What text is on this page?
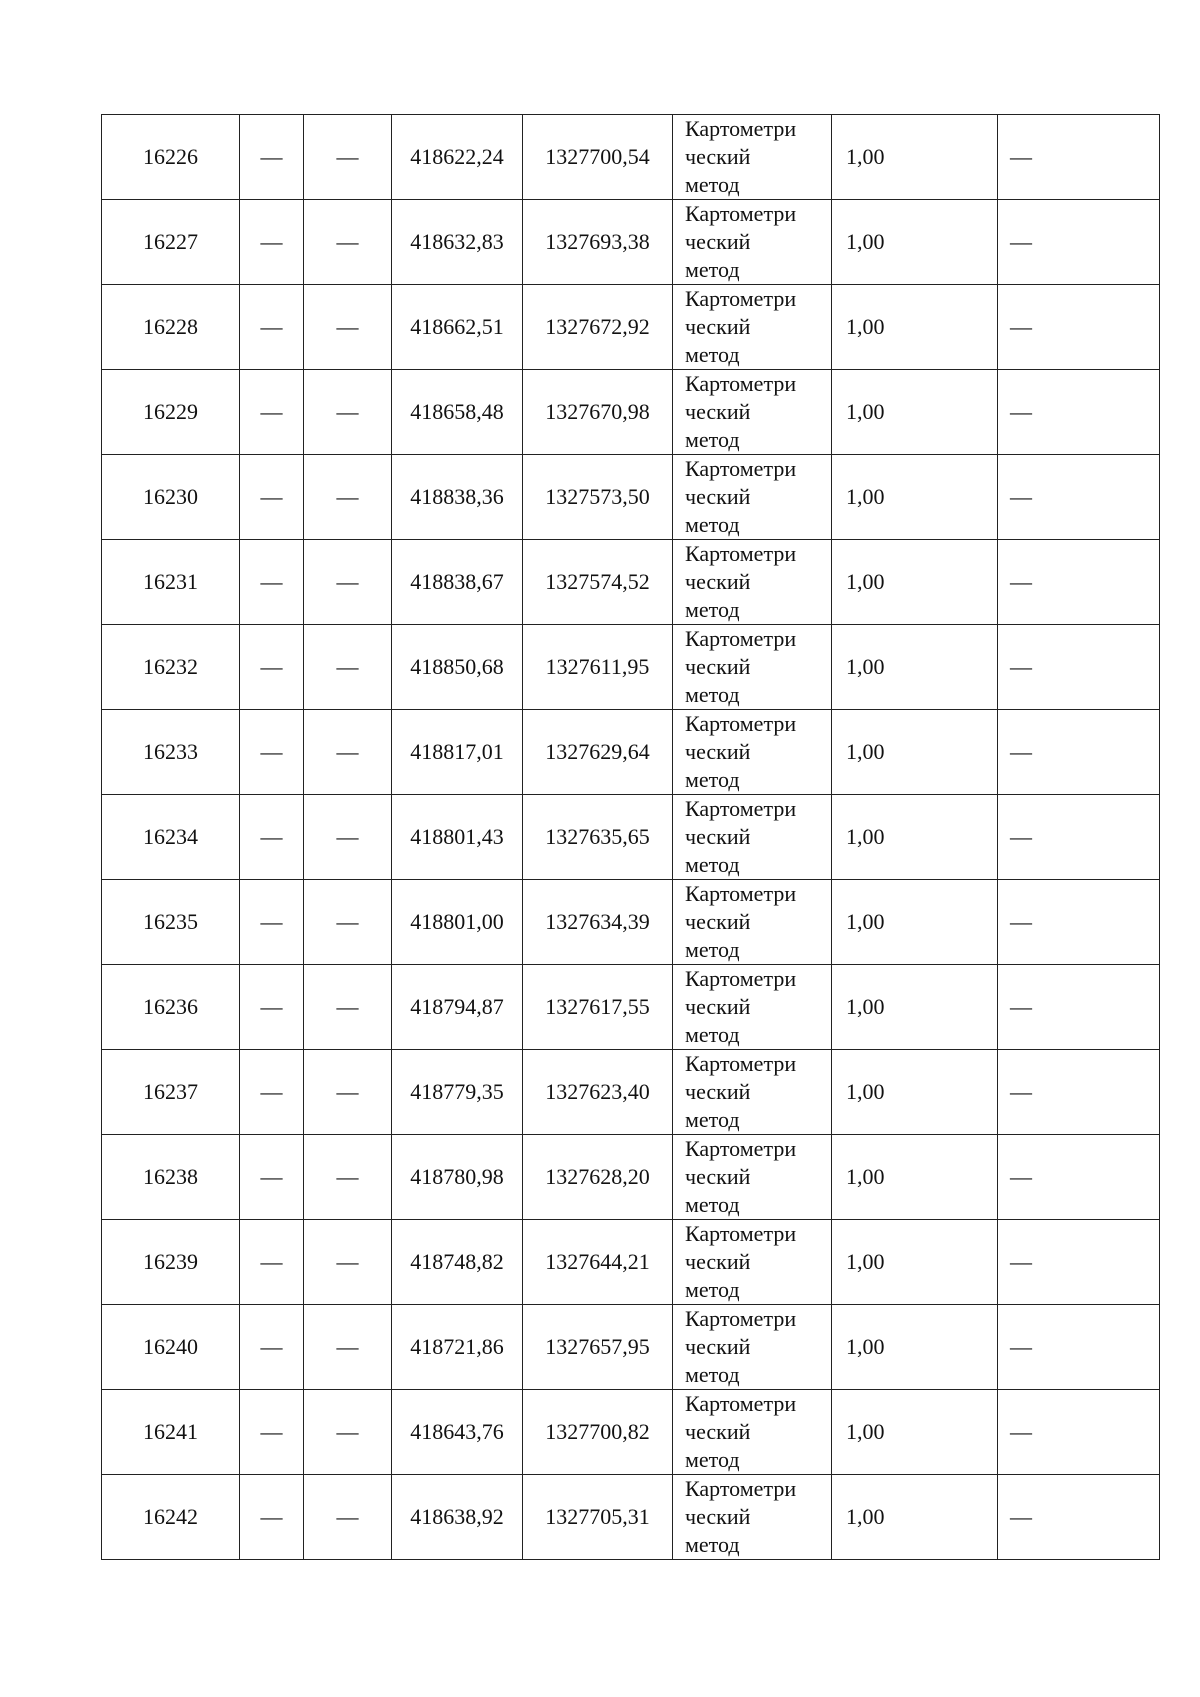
16226	—	—	418622,24	1327700,54	Картометри
ческий
метод	1,00	—
16227	—	—	418632,83	1327693,38	Картометри
ческий
метод	1,00	—
16228	—	—	418662,51	1327672,92	Картометри
ческий
метод	1,00	—
16229	—	—	418658,48	1327670,98	Картометри
ческий
метод	1,00	—
16230	—	—	418838,36	1327573,50	Картометри
ческий
метод	1,00	—
16231	—	—	418838,67	1327574,52	Картометри
ческий
метод	1,00	—
16232	—	—	418850,68	1327611,95	Картометри
ческий
метод	1,00	—
16233	—	—	418817,01	1327629,64	Картометри
ческий
метод	1,00	—
16234	—	—	418801,43	1327635,65	Картометри
ческий
метод	1,00	—
16235	—	—	418801,00	1327634,39	Картометри
ческий
метод	1,00	—
16236	—	—	418794,87	1327617,55	Картометри
ческий
метод	1,00	—
16237	—	—	418779,35	1327623,40	Картометри
ческий
метод	1,00	—
16238	—	—	418780,98	1327628,20	Картометри
ческий
метод	1,00	—
16239	—	—	418748,82	1327644,21	Картометри
ческий
метод	1,00	—
16240	—	—	418721,86	1327657,95	Картометри
ческий
метод	1,00	—
16241	—	—	418643,76	1327700,82	Картометри
ческий
метод	1,00	—
16242	—	—	418638,92	1327705,31	Картометри
ческий
метод	1,00	—
